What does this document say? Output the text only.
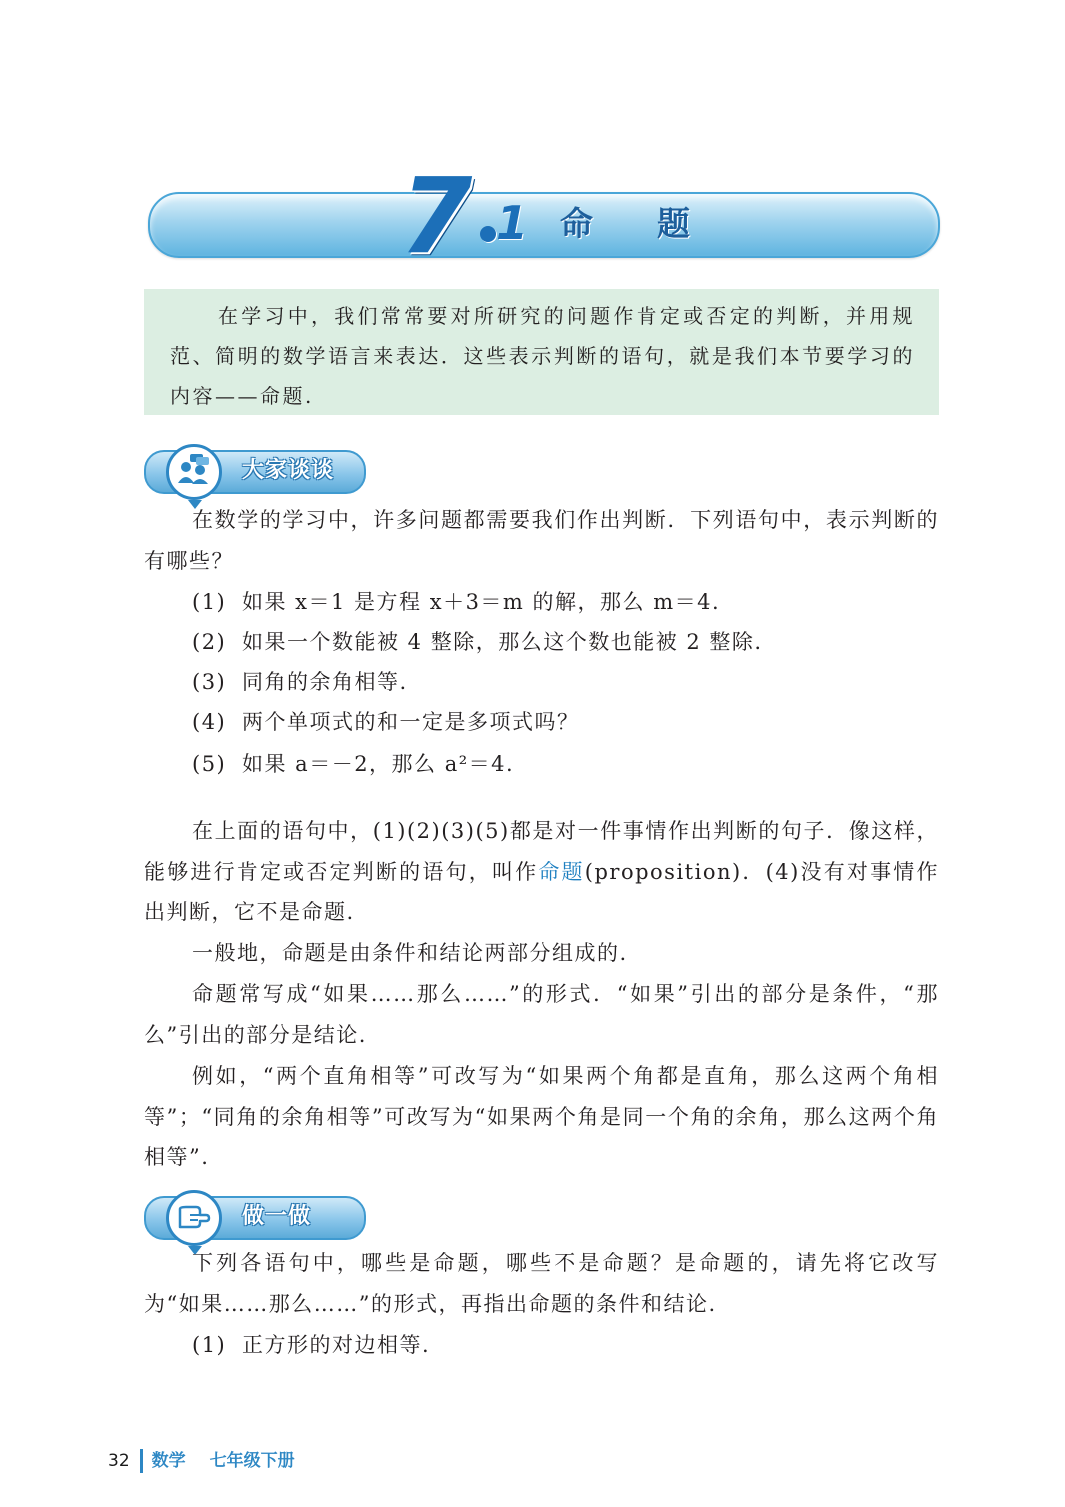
7 1 命题
在学习中，我们常常要对所研究的问题作肯定或否定的判断，并用规范、简明的数学语言来表达．这些表示判断的语句，就是我们本节要学习的内容——命题.
大家谈谈
在数学的学习中，许多问题都需要我们作出判断．下列语句中，表示判断的有哪些？
(1) 如果 x＝1 是方程 x＋3＝m 的解，那么 m＝4.
(2) 如果一个数能被 4 整除，那么这个数也能被 2 整除.
(3) 同角的余角相等.
(4) 两个单项式的和一定是多项式吗？
(5) 如果 a＝－2，那么 a²＝4.
在上面的语句中，(1)(2)(3)(5)都是对一件事情作出判断的句子．像这样，能够进行肯定或否定判断的语句，叫作命题(proposition)．(4)没有对事情作出判断，它不是命题.
一般地，命题是由条件和结论两部分组成的.
命题常写成“如果……那么……”的形式．“如果”引出的部分是条件，“那么”引出的部分是结论.
例如，“两个直角相等”可改写为“如果两个角都是直角，那么这两个角相等”；“同角的余角相等”可改写为“如果两个角是同一个角的余角，那么这两个角相等”.
做一做
下列各语句中，哪些是命题，哪些不是命题？是命题的，请先将它改写为“如果……那么……”的形式，再指出命题的条件和结论.
(1) 正方形的对边相等.
32 数学 七年级下册
